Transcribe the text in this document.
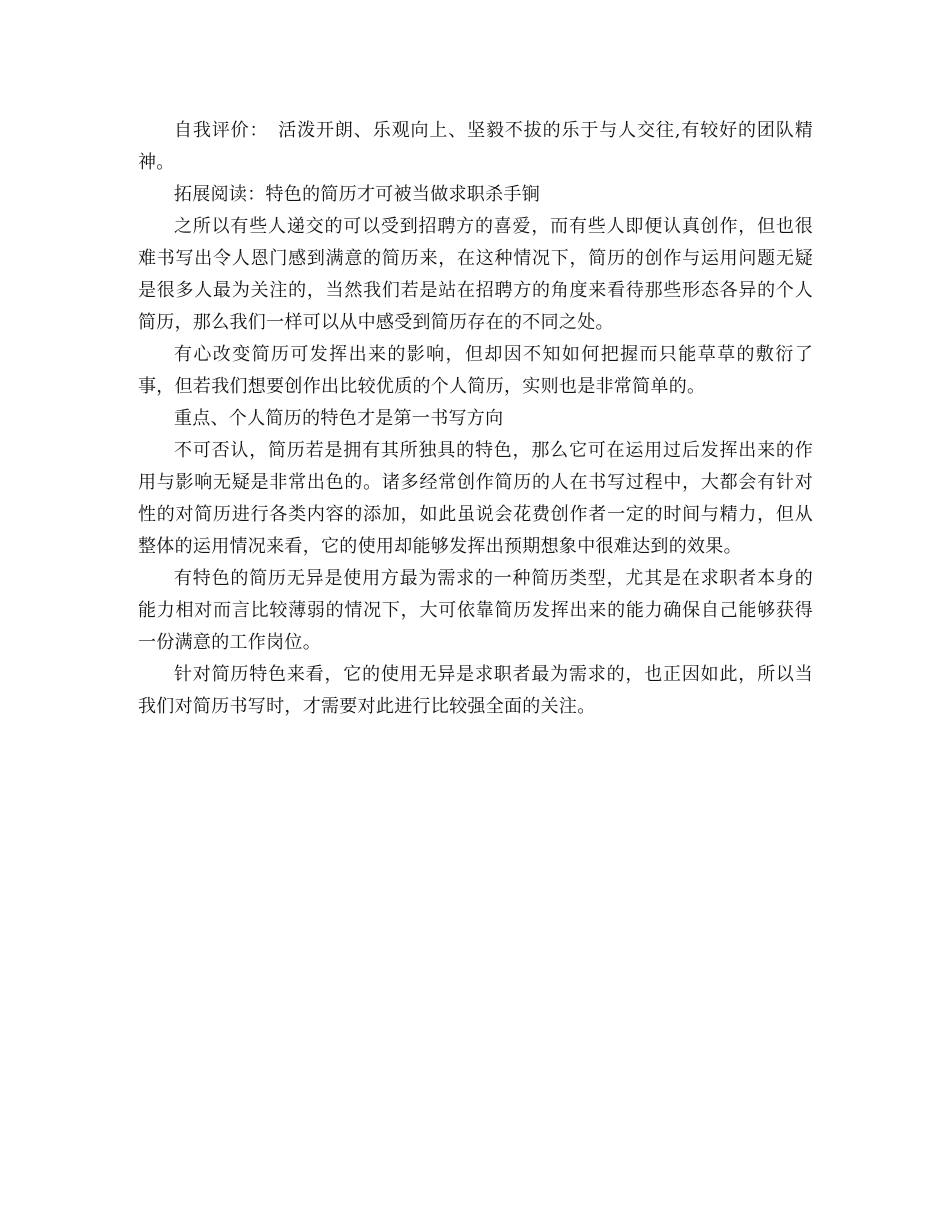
自我评价：　活泼开朗、乐观向上、坚毅不拔的乐于与人交往,有较好的团队精神。

拓展阅读：特色的简历才可被当做求职杀手锏

之所以有些人递交的可以受到招聘方的喜爱，而有些人即便认真创作，但也很难书写出令人恩门感到满意的简历来，在这种情况下，简历的创作与运用问题无疑是很多人最为关注的，当然我们若是站在招聘方的角度来看待那些形态各异的个人简历，那么我们一样可以从中感受到简历存在的不同之处。

有心改变简历可发挥出来的影响，但却因不知如何把握而只能草草的敷衍了事，但若我们想要创作出比较优质的个人简历，实则也是非常简单的。

重点、个人简历的特色才是第一书写方向

不可否认，简历若是拥有其所独具的特色，那么它可在运用过后发挥出来的作用与影响无疑是非常出色的。诸多经常创作简历的人在书写过程中，大都会有针对性的对简历进行各类内容的添加，如此虽说会花费创作者一定的时间与精力，但从整体的运用情况来看，它的使用却能够发挥出预期想象中很难达到的效果。

有特色的简历无异是使用方最为需求的一种简历类型，尤其是在求职者本身的能力相对而言比较薄弱的情况下，大可依靠简历发挥出来的能力确保自己能够获得一份满意的工作岗位。

针对简历特色来看，它的使用无异是求职者最为需求的，也正因如此，所以当我们对简历书写时，才需要对此进行比较强全面的关注。
